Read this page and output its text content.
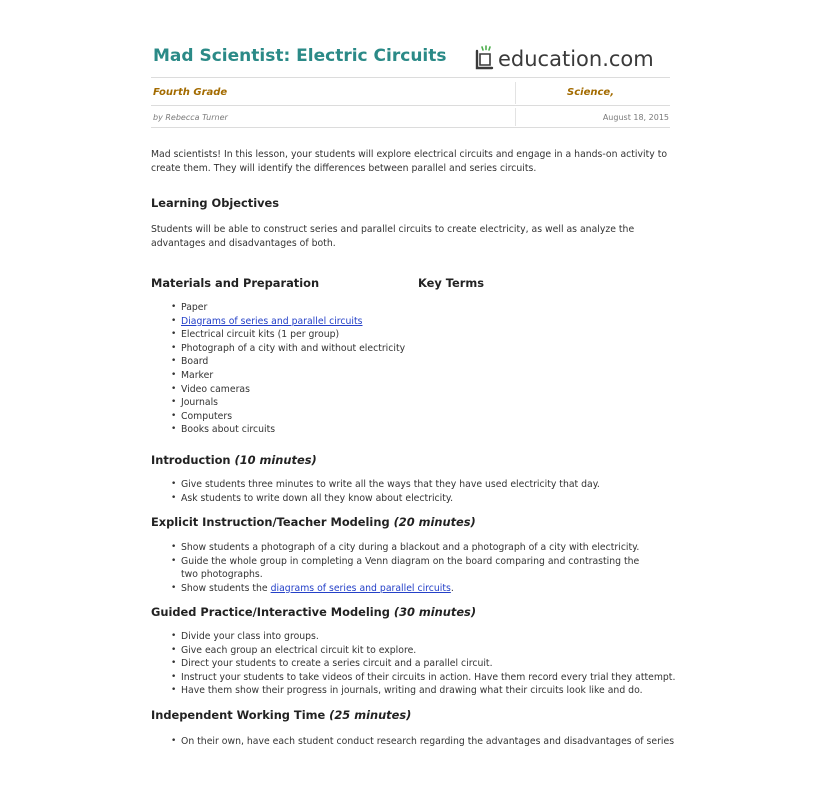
Mad Scientist: Electric Circuits education.com
Fourth Grade	Science,
by Rebecca Turner	August 18, 2015

Mad scientists! In this lesson, your students will explore electrical circuits and engage in a hands-on activity to create them. They will identify the differences between parallel and series circuits.

Learning Objectives

Students will be able to construct series and parallel circuits to create electricity, as well as analyze the advantages and disadvantages of both.

Materials and Preparation	Key Terms
• Paper
• Diagrams of series and parallel circuits
• Electrical circuit kits (1 per group)
• Photograph of a city with and without electricity
• Board
• Marker
• Video cameras
• Journals
• Computers
• Books about circuits
Introduction (10 minutes)
• Give students three minutes to write all the ways that they have used electricity that day.
• Ask students to write down all they know about electricity.
Explicit Instruction/Teacher Modeling (20 minutes)
• Show students a photograph of a city during a blackout and a photograph of a city with electricity.
• Guide the whole group in completing a Venn diagram on the board comparing and contrasting the two photographs.
• Show students the diagrams of series and parallel circuits.
Guided Practice/Interactive Modeling (30 minutes)
• Divide your class into groups.
• Give each group an electrical circuit kit to explore.
• Direct your students to create a series circuit and a parallel circuit.
• Instruct your students to take videos of their circuits in action. Have them record every trial they attempt.
• Have them show their progress in journals, writing and drawing what their circuits look like and do.
Independent Working Time (25 minutes)
• On their own, have each student conduct research regarding the advantages and disadvantages of series
